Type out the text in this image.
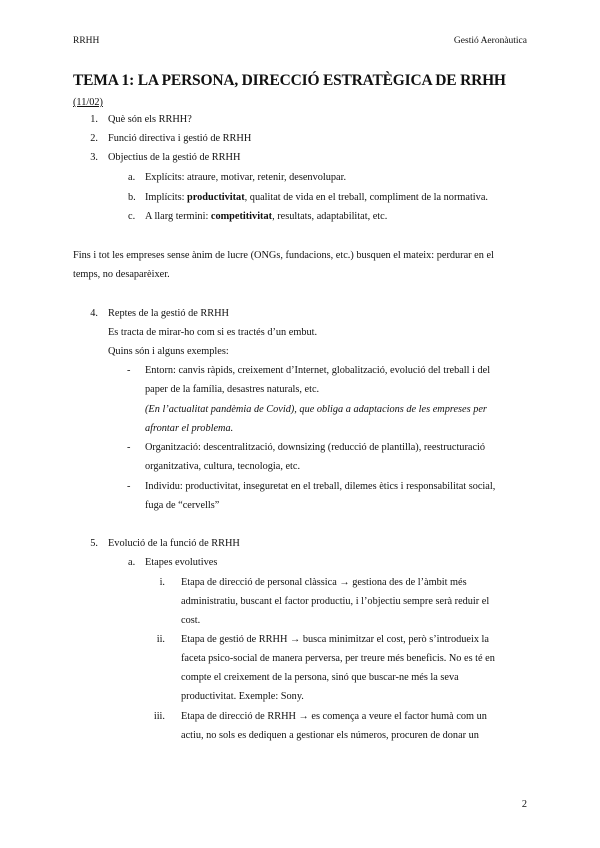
RRHH	Gestió Aeronàutica
TEMA 1: LA PERSONA, DIRECCIÓ ESTRATÈGICA DE RRHH
(11/02)
1. Què són els RRHH?
2. Funció directiva i gestió de RRHH
3. Objectius de la gestió de RRHH
a. Explícits: atraure, motivar, retenir, desenvolupar.
b. Implícits: productivitat, qualitat de vida en el treball, compliment de la normativa.
c. A llarg termini: competitivitat, resultats, adaptabilitat, etc.
Fins i tot les empreses sense ànim de lucre (ONGs, fundacions, etc.) busquen el mateix: perdurar en el
temps, no desaparèixer.
4. Reptes de la gestió de RRHH
Es tracta de mirar-ho com si es tractés d’un embut.
Quins són i alguns exemples:
- Entorn: canvis ràpids, creixement d’Internet, globalització, evolució del treball i del
paper de la família, desastres naturals, etc.
(En l’actualitat pandèmia de Covid), que obliga a adaptacions de les empreses per
afrontar el problema.
- Organització: descentralització, downsizing (reducció de plantilla), reestructuració
organitzativa, cultura, tecnologia, etc.
- Individu: productivitat, inseguretat en el treball, dilemes ètics i responsabilitat social,
fuga de “cervells”
5. Evolució de la funció de RRHH
a. Etapes evolutives
i. Etapa de direcció de personal clàssica → gestiona des de l’àmbit més
administratiu, buscant el factor productiu, i l’objectiu sempre serà reduir el
cost.
ii. Etapa de gestió de RRHH → busca minimitzar el cost, però s’introdueix la
faceta psico-social de manera perversa, per treure més beneficis. No es té en
compte el creixement de la persona, sinó que buscar-ne més la seva
productivitat. Exemple: Sony.
iii. Etapa de direcció de RRHH → es comença a veure el factor humà com un
actiu, no sols es dediquen a gestionar els números, procuren de donar un
2
